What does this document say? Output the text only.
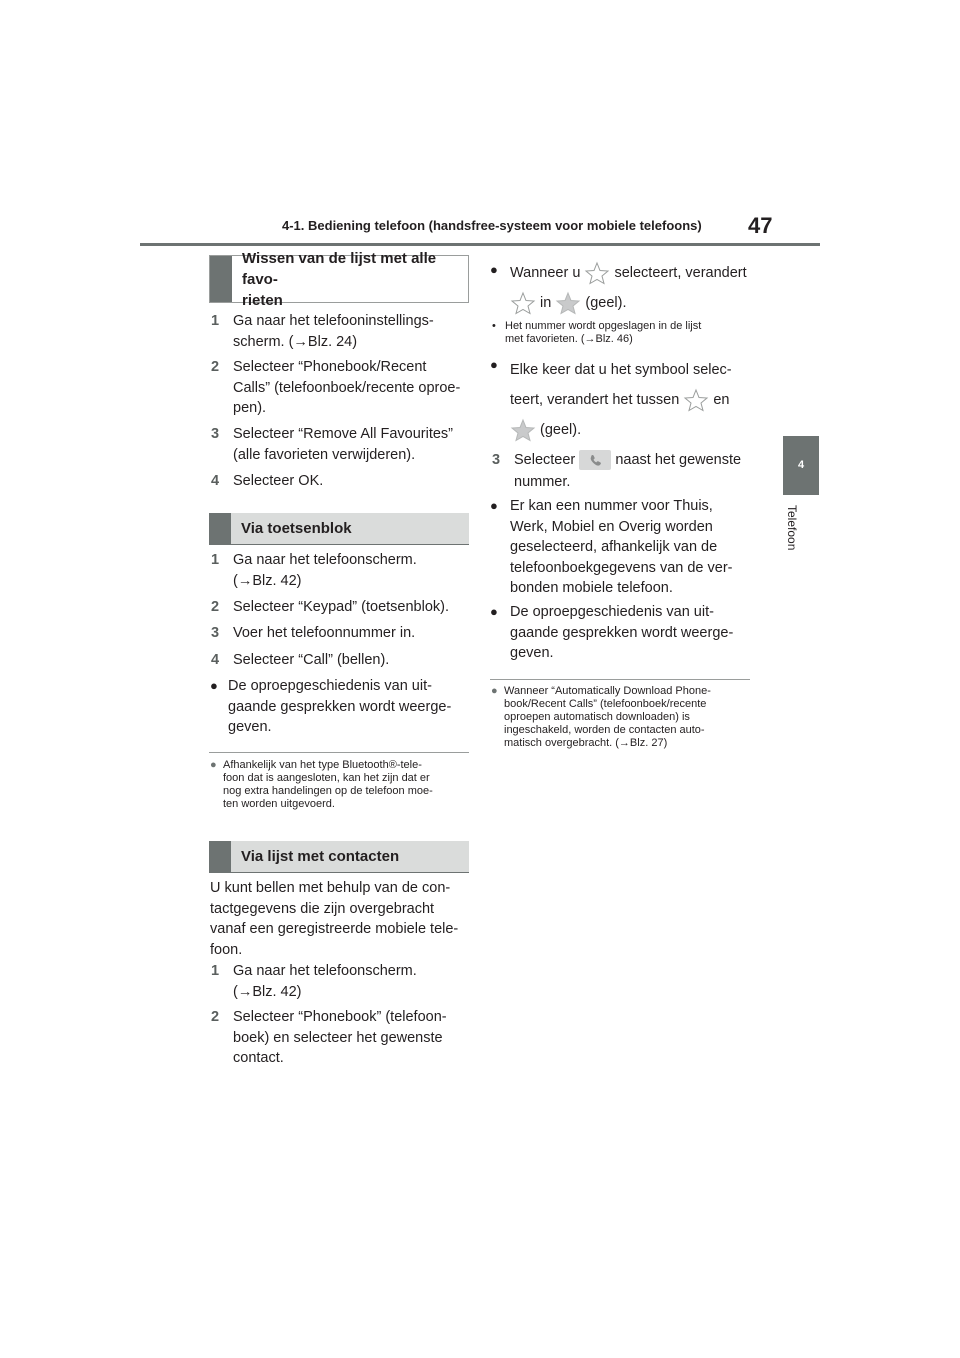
4-1. Bediening telefoon (handsfree-systeem voor mobiele telefoons) 47
4
Telefoon
Wissen van de lijst met alle favo-
rieten
1 Ga naar het telefooninstellings-
scherm. (→Blz. 24)
2 Selecteer “Phonebook/Recent
Calls” (telefoonboek/recente oproe-
pen).
3 Selecteer “Remove All Favourites”
(alle favorieten verwijderen).
4 Selecteer OK.
Via toetsenblok
1 Ga naar het telefoonscherm.
(→Blz. 42)
2 Selecteer “Keypad” (toetsenblok).
3 Voer het telefoonnummer in.
4 Selecteer “Call” (bellen).
● De oproepgeschiedenis van uit-
gaande gesprekken wordt weerge-
geven.
● Afhankelijk van het type Bluetooth®-tele-
foon dat is aangesloten, kan het zijn dat er
nog extra handelingen op de telefoon moe-
ten worden uitgevoerd.
Via lijst met contacten
U kunt bellen met behulp van de con-
tactgegevens die zijn overgebracht
vanaf een geregistreerde mobiele tele-
foon.
1 Ga naar het telefoonscherm.
(→Blz. 42)
2 Selecteer “Phonebook” (telefoon-
boek) en selecteer het gewenste
contact.
● Wanneer u selecteert, verandert
in (geel).
• Het nummer wordt opgeslagen in de lijst
met favorieten. (→Blz. 46)
● Elke keer dat u het symbool selec-
teert, verandert het tussen en
(geel).
3 Selecteer	naast het gewenste
nummer.
● Er kan een nummer voor Thuis,
Werk, Mobiel en Overig worden
geselecteerd, afhankelijk van de
telefoonboekgegevens van de ver-
bonden mobiele telefoon.
● De oproepgeschiedenis van uit-
gaande gesprekken wordt weerge-
geven.
● Wanneer “Automatically Download Phone-
book/Recent Calls” (telefoonboek/recente
oproepen automatisch downloaden) is
ingeschakeld, worden de contacten auto-
matisch overgebracht. (→Blz. 27)
